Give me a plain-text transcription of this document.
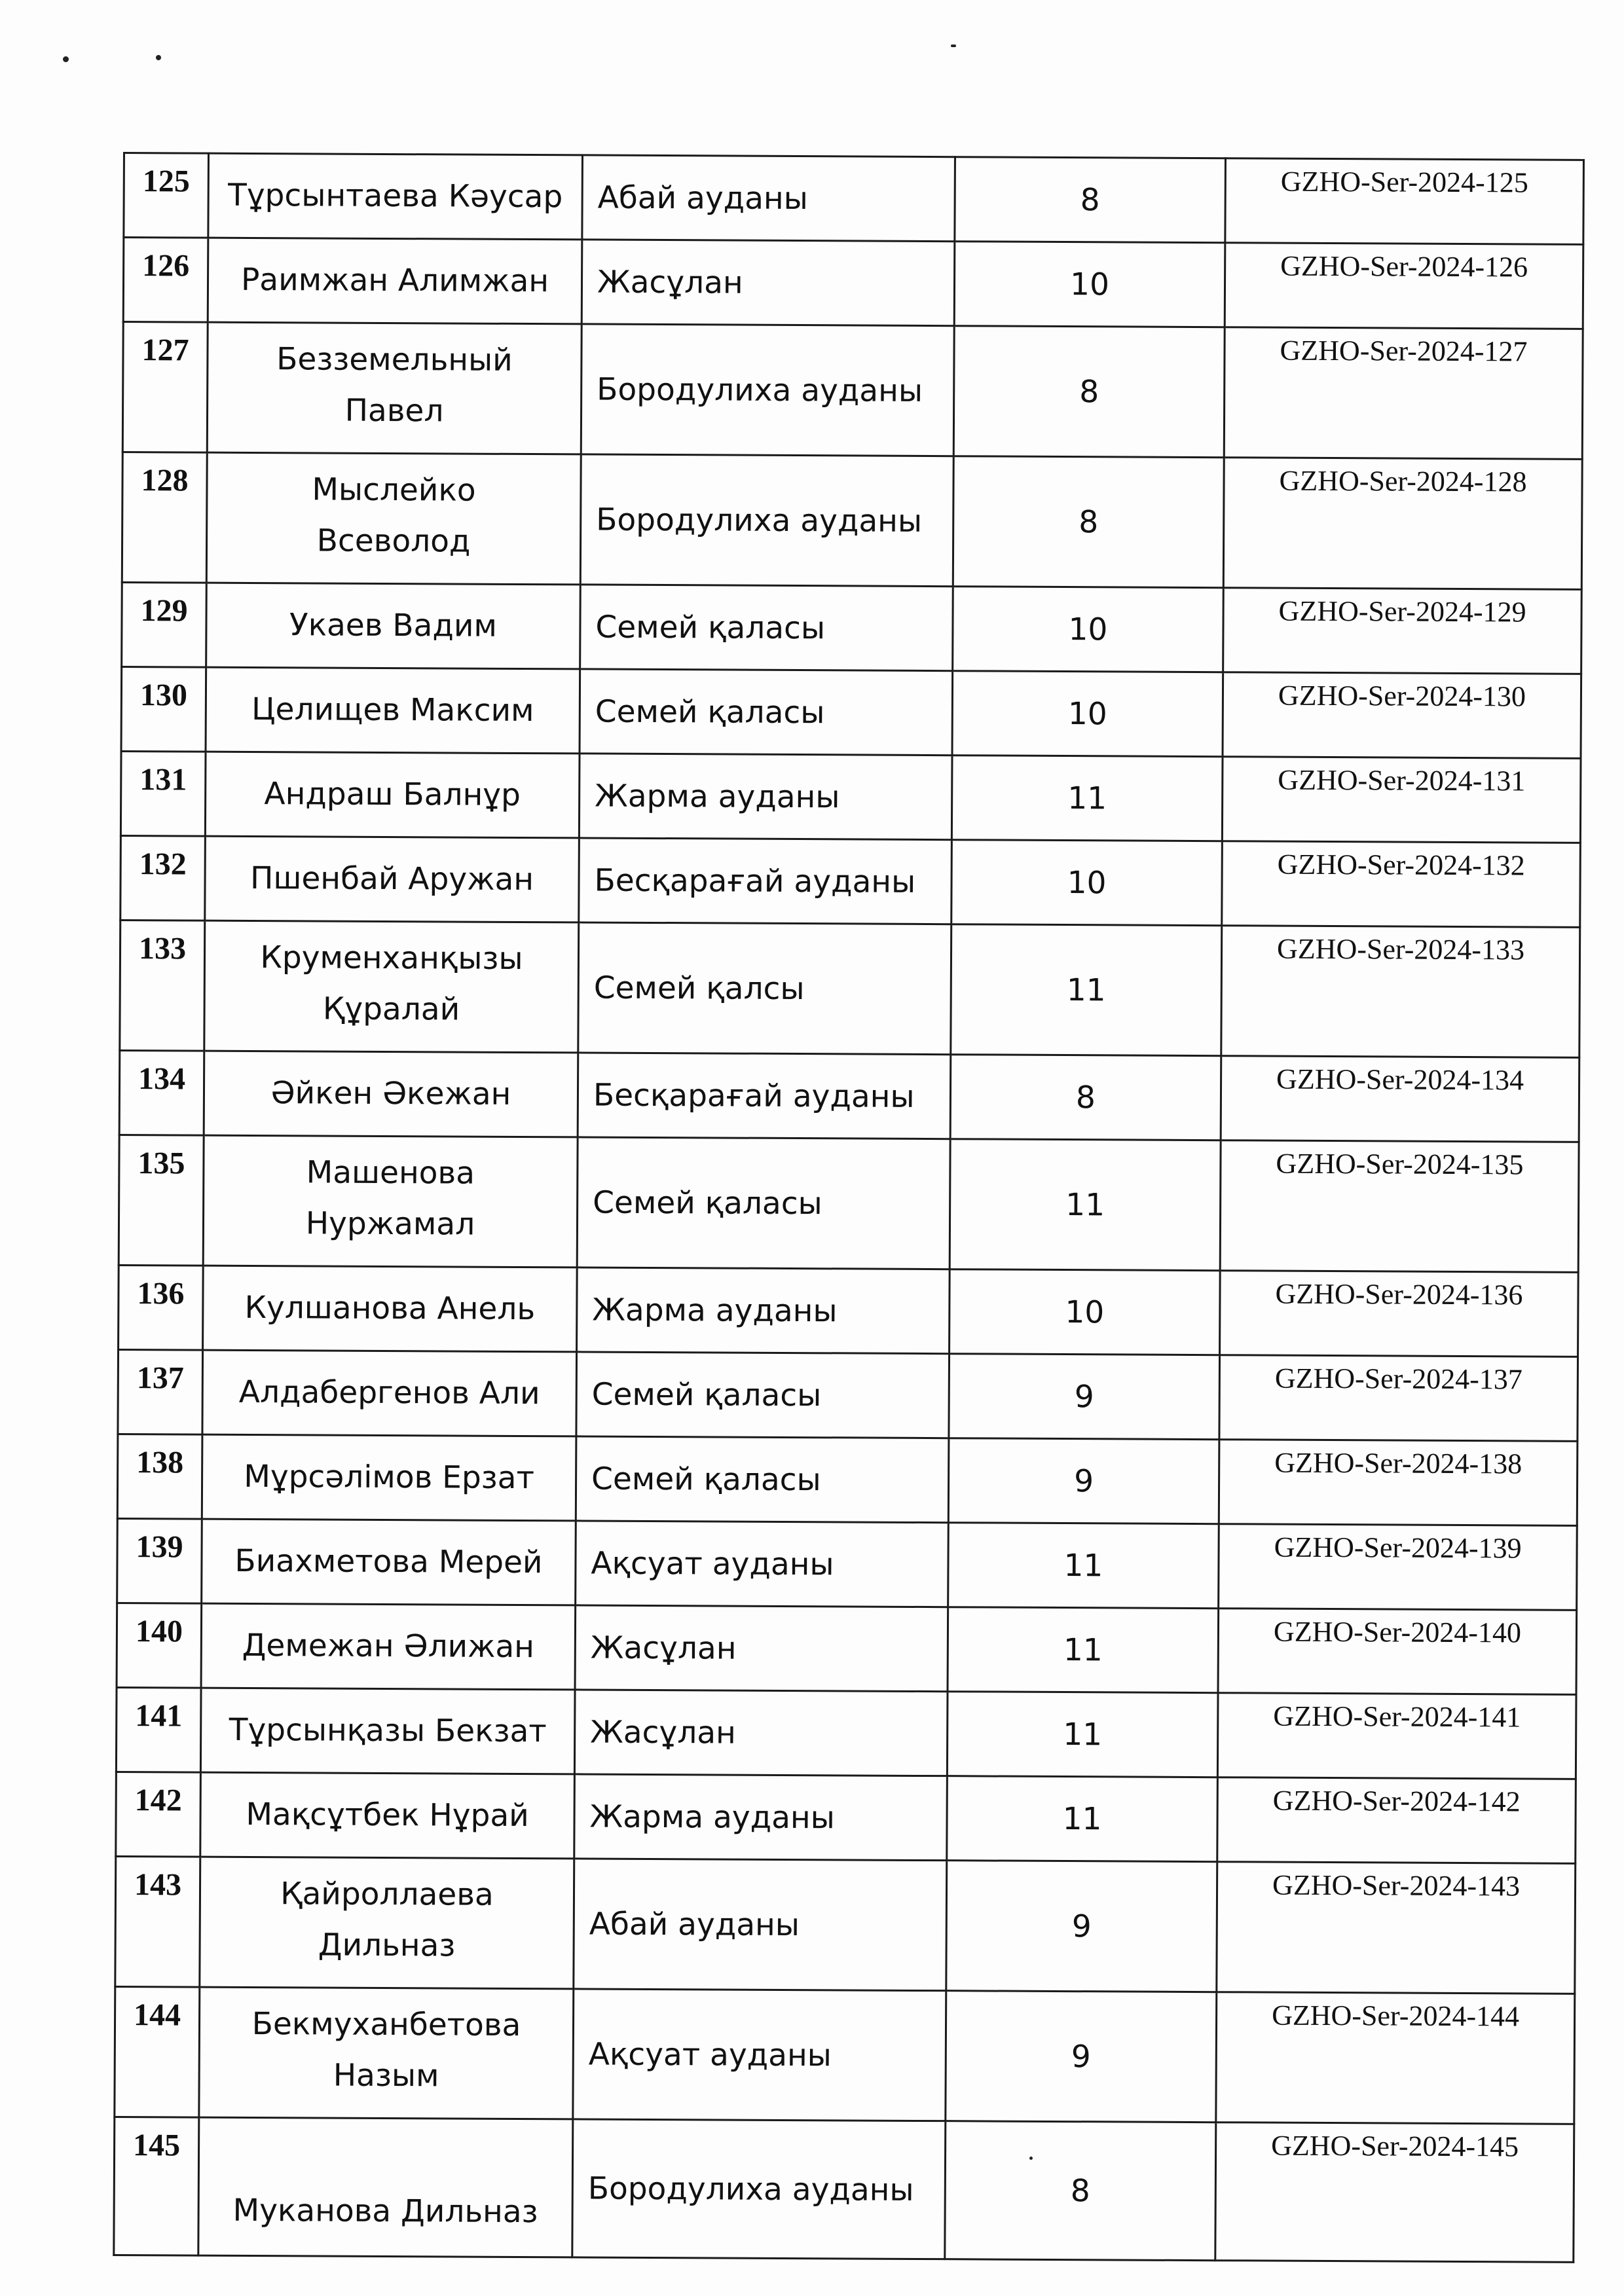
125	Тұрсынтаева Кәусар	Абай ауданы	8	GZHO-Ser-2024-125
126	Раимжан Алимжан	Жасұлан	10	GZHO-Ser-2024-126
127	Безземельный
Павел	Бородулиха ауданы	8	GZHO-Ser-2024-127
128	Мыслейко
Всеволод	Бородулиха ауданы	8	GZHO-Ser-2024-128
129	Укаев Вадим	Семей қаласы	10	GZHO-Ser-2024-129
130	Целищев Максим	Семей қаласы	10	GZHO-Ser-2024-130
131	Андраш Балнұр	Жарма ауданы	11	GZHO-Ser-2024-131
132	Пшенбай Аружан	Бесқарағай ауданы	10	GZHO-Ser-2024-132
133	Круменханқызы
Құралай	Семей қалсы	11	GZHO-Ser-2024-133
134	Әйкен Әкежан	Бесқарағай ауданы	8	GZHO-Ser-2024-134
135	Машенова
Нуржамал	Семей қаласы	11	GZHO-Ser-2024-135
136	Кулшанова Анель	Жарма ауданы	10	GZHO-Ser-2024-136
137	Алдабергенов Али	Семей қаласы	9	GZHO-Ser-2024-137
138	Мұрсәлімов Ерзат	Семей қаласы	9	GZHO-Ser-2024-138
139	Биахметова Мерей	Ақсуат ауданы	11	GZHO-Ser-2024-139
140	Демежан Әлижан	Жасұлан	11	GZHO-Ser-2024-140
141	Тұрсынқазы Бекзат	Жасұлан	11	GZHO-Ser-2024-141
142	Мақсұтбек Нұрай	Жарма ауданы	11	GZHO-Ser-2024-142
143	Қайроллаева
Дильназ	Абай ауданы	9	GZHO-Ser-2024-143
144	Бекмуханбетова
Назым	Ақсуат ауданы	9	GZHO-Ser-2024-144
145	Муканова Дильназ	Бородулиха ауданы	8	GZHO-Ser-2024-145
